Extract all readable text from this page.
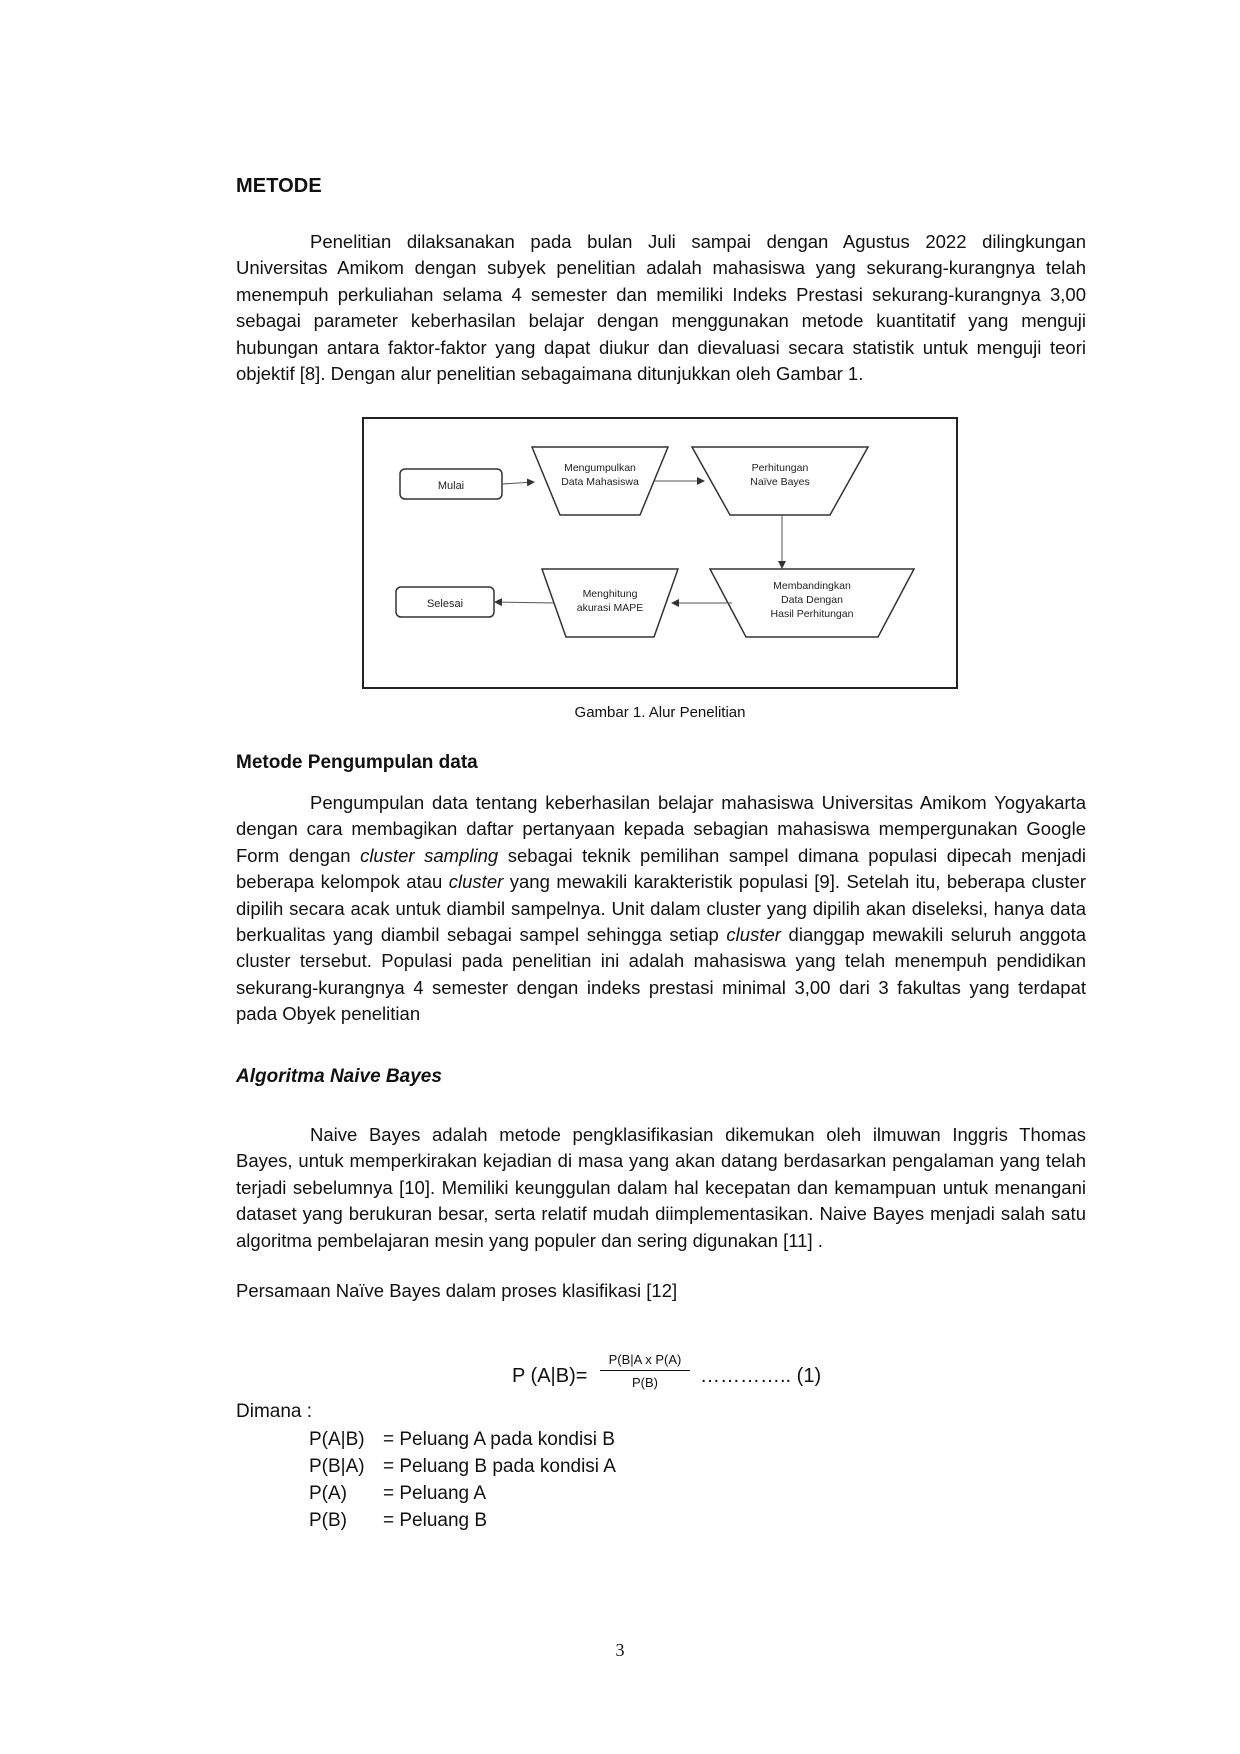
METODE

Penelitian dilaksanakan pada bulan Juli sampai dengan Agustus 2022 dilingkungan Universitas Amikom dengan subyek penelitian adalah mahasiswa yang sekurang-kurangnya telah menempuh perkuliahan selama 4 semester dan memiliki Indeks Prestasi sekurang-kurangnya 3,00 sebagai parameter keberhasilan belajar dengan menggunakan metode kuantitatif yang menguji hubungan antara faktor-faktor yang dapat diukur dan dievaluasi secara statistik untuk menguji teori objektif [8]. Dengan alur penelitian sebagaimana ditunjukkan oleh Gambar 1.

Mulai
Mengumpulkan
Data Mahasiswa
Perhitungan
Naïve Bayes
Membandingkan
Data Dengan
Hasil Perhitungan
Menghitung
akurasi MAPE
Selesai
Gambar 1. Alur Penelitian
Metode Pengumpulan data

Pengumpulan data tentang keberhasilan belajar mahasiswa Universitas Amikom Yogyakarta dengan cara membagikan daftar pertanyaan kepada sebagian mahasiswa mempergunakan Google Form dengan cluster sampling sebagai teknik pemilihan sampel dimana populasi dipecah menjadi beberapa kelompok atau cluster yang mewakili karakteristik populasi [9]. Setelah itu, beberapa cluster dipilih secara acak untuk diambil sampelnya. Unit dalam cluster yang dipilih akan diseleksi, hanya data berkualitas yang diambil sebagai sampel sehingga setiap cluster dianggap mewakili seluruh anggota cluster tersebut. Populasi pada penelitian ini adalah mahasiswa yang telah menempuh pendidikan sekurang-kurangnya 4 semester dengan indeks prestasi minimal 3,00 dari 3 fakultas yang terdapat pada Obyek penelitian

Algoritma Naive Bayes

Naive Bayes adalah metode pengklasifikasian dikemukan oleh ilmuwan Inggris Thomas Bayes, untuk memperkirakan kejadian di masa yang akan datang berdasarkan pengalaman yang telah terjadi sebelumnya [10]. Memiliki keunggulan dalam hal kecepatan dan kemampuan untuk menangani dataset yang berukuran besar, serta relatif mudah diimplementasikan. Naive Bayes menjadi salah satu algoritma pembelajaran mesin yang populer dan sering digunakan [11] .

Persamaan Naïve Bayes dalam proses klasifikasi [12]

P $(A|B)= \frac{\text{P(B|A x P(A)}}{P(B)}$ ………….. (1)
Dimana :
P(A|B) = Peluang A pada kondisi B
P(B|A) = Peluang B pada kondisi A
P(A)	= Peluang A
P(B)	= Peluang B
3
